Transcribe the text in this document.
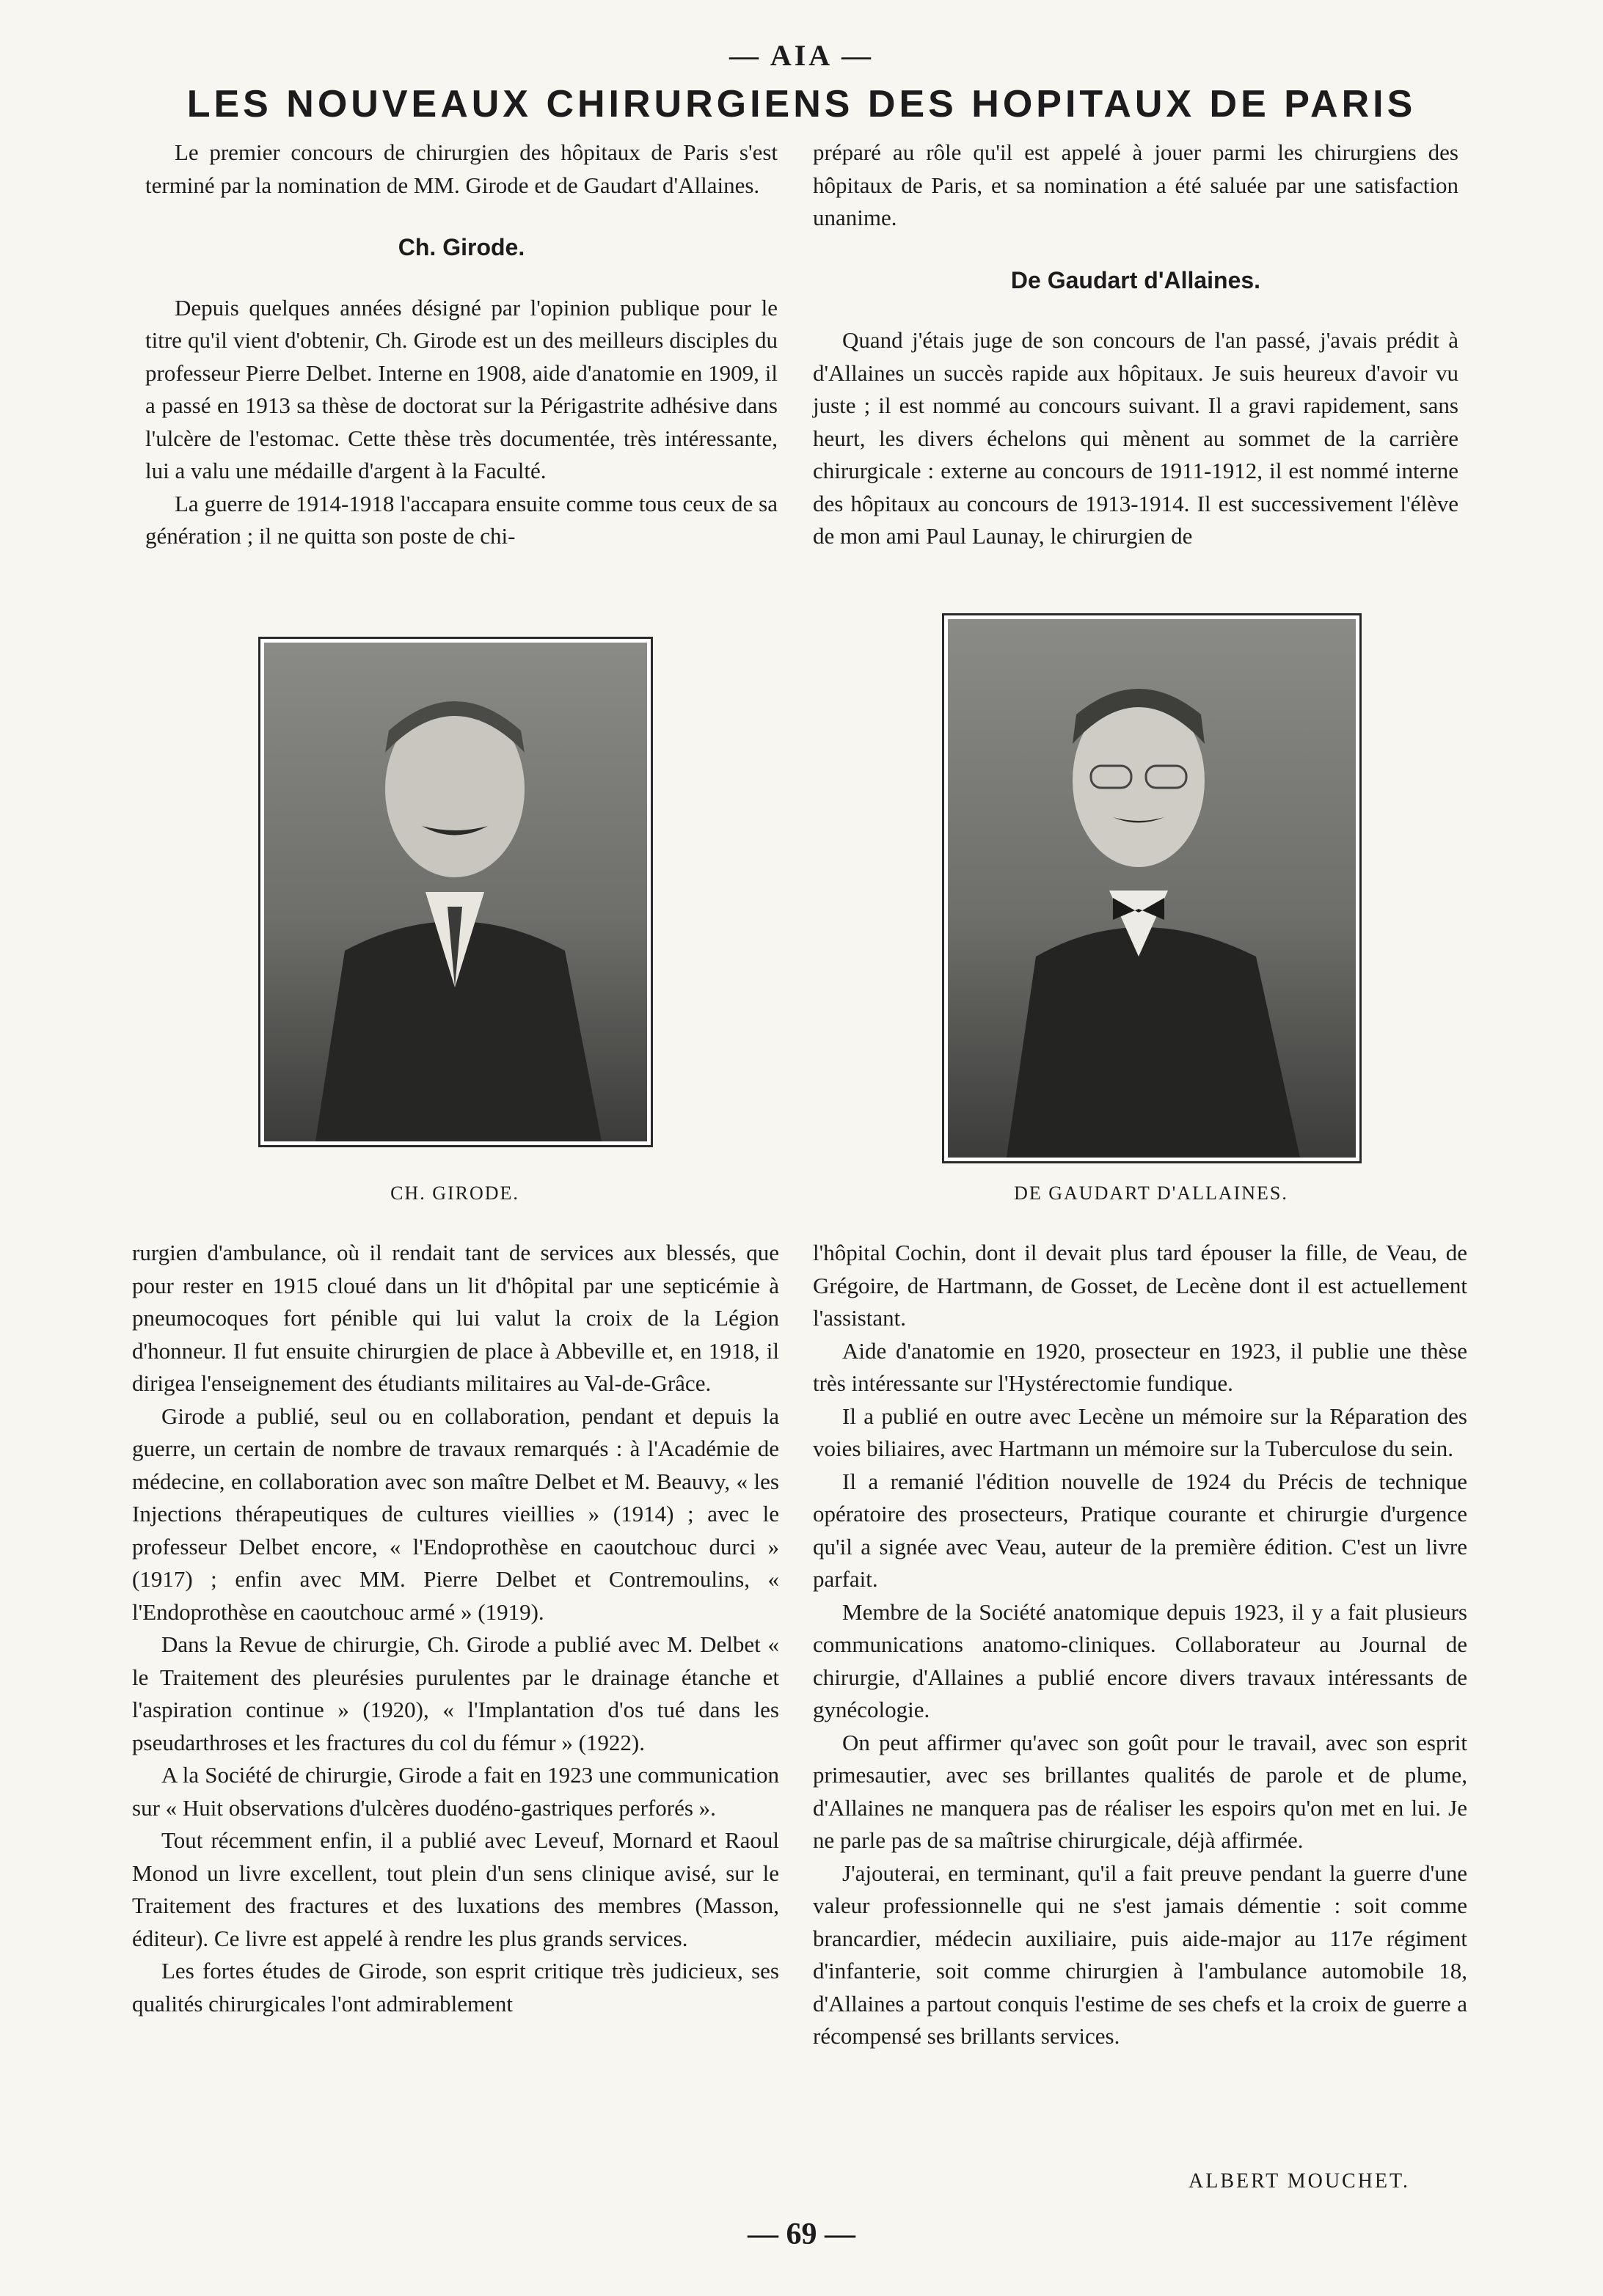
— AIA —
LES NOUVEAUX CHIRURGIENS DES HOPITAUX DE PARIS

Le premier concours de chirurgien des hôpitaux de Paris s'est terminé par la nomination de MM. Girode et de Gaudart d'Allaines.

Ch. Girode.

Depuis quelques années désigné par l'opinion publique pour le titre qu'il vient d'obtenir, Ch. Girode est un des meilleurs disciples du professeur Pierre Delbet. Interne en 1908, aide d'anatomie en 1909, il a passé en 1913 sa thèse de doctorat sur la Périgastrite adhésive dans l'ulcère de l'estomac. Cette thèse très documentée, très intéressante, lui a valu une médaille d'argent à la Faculté.

La guerre de 1914-1918 l'accapara ensuite comme tous ceux de sa génération ; il ne quitta son poste de chi-

préparé au rôle qu'il est appelé à jouer parmi les chirurgiens des hôpitaux de Paris, et sa nomination a été saluée par une satisfaction unanime.

De Gaudart d'Allaines.

Quand j'étais juge de son concours de l'an passé, j'avais prédit à d'Allaines un succès rapide aux hôpitaux. Je suis heureux d'avoir vu juste ; il est nommé au concours suivant. Il a gravi rapidement, sans heurt, les divers échelons qui mènent au sommet de la carrière chirurgicale : externe au concours de 1911-1912, il est nommé interne des hôpitaux au concours de 1913-1914. Il est successivement l'élève de mon ami Paul Launay, le chirurgien de

CH. GIRODE.	DE GAUDART D'ALLAINES.

rurgien d'ambulance, où il rendait tant de services aux blessés, que pour rester en 1915 cloué dans un lit d'hôpital par une septicémie à pneumocoques fort pénible qui lui valut la croix de la Légion d'honneur. Il fut ensuite chirurgien de place à Abbeville et, en 1918, il dirigea l'enseignement des étudiants militaires au Val-de-Grâce.

Girode a publié, seul ou en collaboration, pendant et depuis la guerre, un certain de nombre de travaux remarqués : à l'Académie de médecine, en collaboration avec son maître Delbet et M. Beauvy, « les Injections thérapeutiques de cultures vieillies » (1914) ; avec le professeur Delbet encore, « l'Endoprothèse en caoutchouc durci » (1917) ; enfin avec MM. Pierre Delbet et Contremoulins, « l'Endoprothèse en caoutchouc armé » (1919).

Dans la Revue de chirurgie, Ch. Girode a publié avec M. Delbet « le Traitement des pleurésies purulentes par le drainage étanche et l'aspiration continue » (1920), « l'Implantation d'os tué dans les pseudarthroses et les fractures du col du fémur » (1922).

A la Société de chirurgie, Girode a fait en 1923 une communication sur « Huit observations d'ulcères duodéno-gastriques perforés ».

Tout récemment enfin, il a publié avec Leveuf, Mornard et Raoul Monod un livre excellent, tout plein d'un sens clinique avisé, sur le Traitement des fractures et des luxations des membres (Masson, éditeur). Ce livre est appelé à rendre les plus grands services.

Les fortes études de Girode, son esprit critique très judicieux, ses qualités chirurgicales l'ont admirablement

l'hôpital Cochin, dont il devait plus tard épouser la fille, de Veau, de Grégoire, de Hartmann, de Gosset, de Lecène dont il est actuellement l'assistant.

Aide d'anatomie en 1920, prosecteur en 1923, il publie une thèse très intéressante sur l'Hystérectomie fundique.

Il a publié en outre avec Lecène un mémoire sur la Réparation des voies biliaires, avec Hartmann un mémoire sur la Tuberculose du sein.

Il a remanié l'édition nouvelle de 1924 du Précis de technique opératoire des prosecteurs, Pratique courante et chirurgie d'urgence qu'il a signée avec Veau, auteur de la première édition. C'est un livre parfait.

Membre de la Société anatomique depuis 1923, il y a fait plusieurs communications anatomo-cliniques. Collaborateur au Journal de chirurgie, d'Allaines a publié encore divers travaux intéressants de gynécologie.

On peut affirmer qu'avec son goût pour le travail, avec son esprit primesautier, avec ses brillantes qualités de parole et de plume, d'Allaines ne manquera pas de réaliser les espoirs qu'on met en lui. Je ne parle pas de sa maîtrise chirurgicale, déjà affirmée.

J'ajouterai, en terminant, qu'il a fait preuve pendant la guerre d'une valeur professionnelle qui ne s'est jamais démentie : soit comme brancardier, médecin auxiliaire, puis aide-major au 117e régiment d'infanterie, soit comme chirurgien à l'ambulance automobile 18, d'Allaines a partout conquis l'estime de ses chefs et la croix de guerre a récompensé ses brillants services.

ALBERT MOUCHET.
— 69 —
